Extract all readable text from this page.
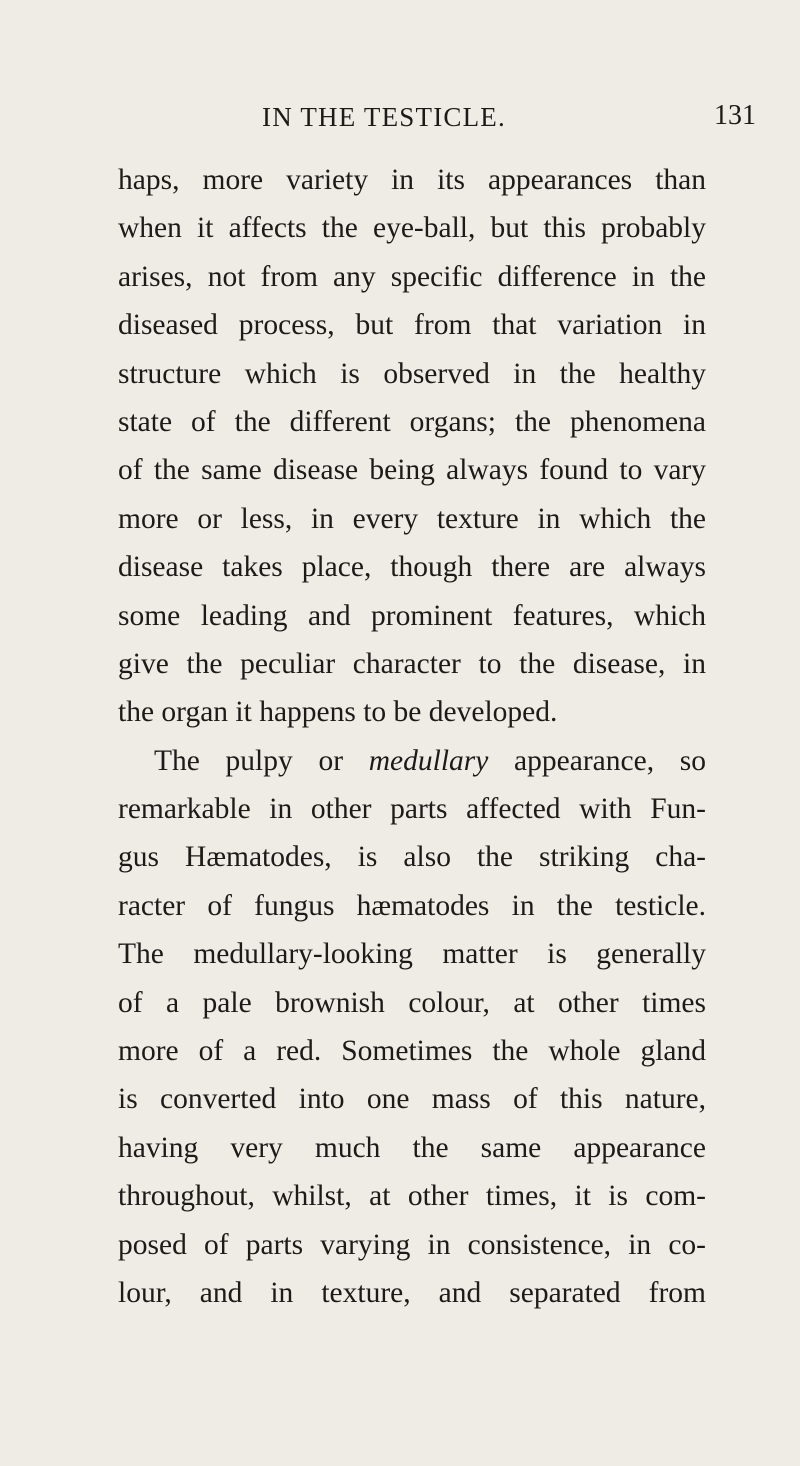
IN THE TESTICLE.	131
haps, more variety in its appearances than
when it affects the eye-ball, but this probably
arises, not from any specific difference in the
diseased process, but from that variation in
structure which is observed in the healthy
state of the different organs; the phenomena
of the same disease being always found to vary
more or less, in every texture in which the
disease takes place, though there are always
some leading and prominent features, which
give the peculiar character to the disease, in
the organ it happens to be developed.
The pulpy or medullary appearance, so
remarkable in other parts affected with Fun-
gus Hæmatodes, is also the striking cha-
racter of fungus hæmatodes in the testicle.
The medullary-looking matter is generally
of a pale brownish colour, at other times
more of a red. Sometimes the whole gland
is converted into one mass of this nature,
having very much the same appearance
throughout, whilst, at other times, it is com-
posed of parts varying in consistence, in co-
lour, and in texture, and separated from
